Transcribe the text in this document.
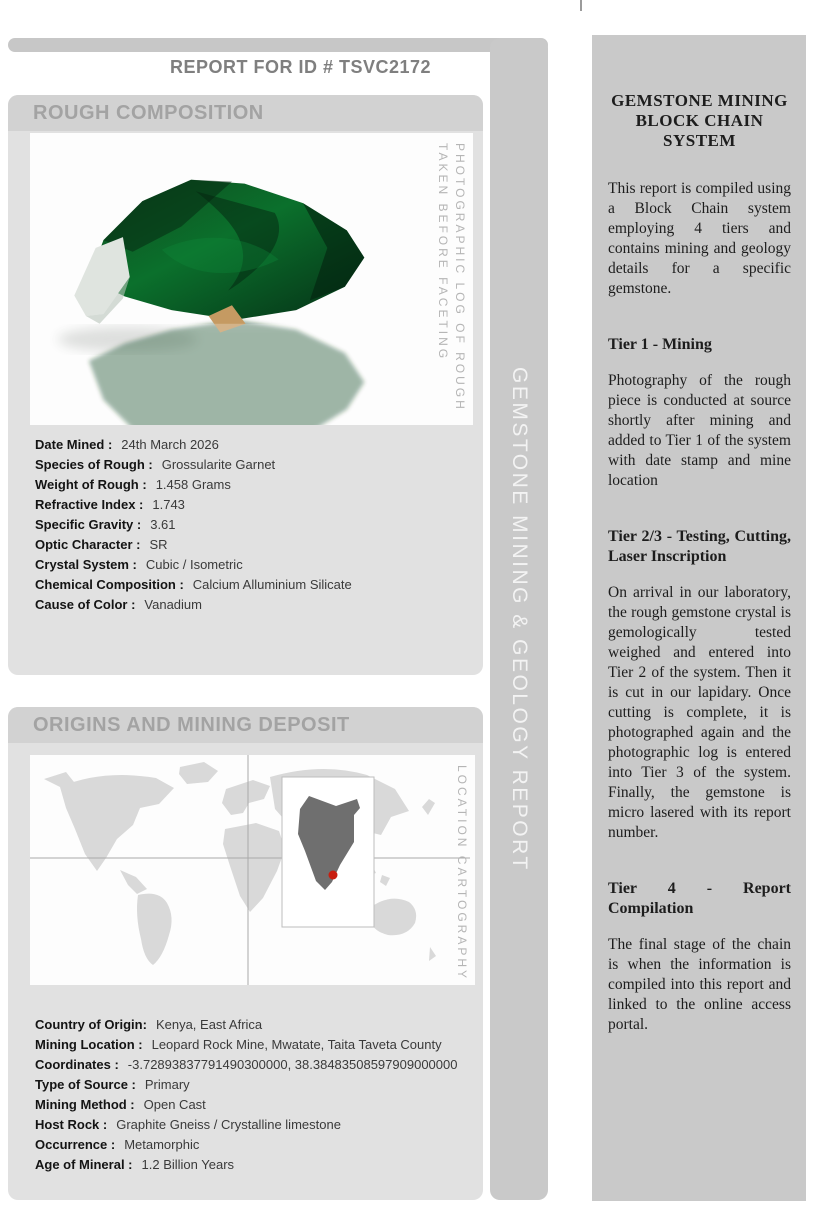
REPORT FOR ID # TSVC2172
ROUGH COMPOSITION
PHOTOGRAPHIC LOG OF ROUGH
TAKEN BEFORE FACETING
Date Mined : 24th March 2026
Species of Rough : Grossularite Garnet
Weight of Rough : 1.458 Grams
Refractive Index : 1.743
Specific Gravity : 3.61
Optic Character : SR
Crystal System : Cubic / Isometric
Chemical Composition : Calcium Alluminium Silicate
Cause of Color : Vanadium
ORIGINS AND MINING DEPOSIT
LOCATION CARTOGRAPHY
Country of Origin: Kenya, East Africa
Mining Location : Leopard Rock Mine, Mwatate, Taita Taveta County
Coordinates : -3.72893837791490300000, 38.38483508597909000000
Type of Source : Primary
Mining Method : Open Cast
Host Rock : Graphite Gneiss / Crystalline limestone
Occurrence : Metamorphic
Age of Mineral : 1.2 Billion Years
GEMSTONE MINING & GEOLOGY REPORT
GEMSTONE MINING BLOCK CHAIN SYSTEM

This report is compiled using a Block Chain system employing 4 tiers and contains mining and geology details for a specific gemstone.

Tier 1 - Mining

Photography of the rough piece is conducted at source shortly after mining and added to Tier 1 of the system with date stamp and mine location

Tier 2/3 - Testing, Cutting, Laser Inscription

On arrival in our laboratory, the rough gemstone crystal is gemologically tested weighed and entered into Tier 2 of the system. Then it is cut in our lapidary. Once cutting is complete, it is photographed again and the photographic log is entered into Tier 3 of the system. Finally, the gemstone is micro lasered with its report number.

Tier 4 - Report Compilation

The final stage of the chain is when the information is compiled into this report and linked to the online access portal.
